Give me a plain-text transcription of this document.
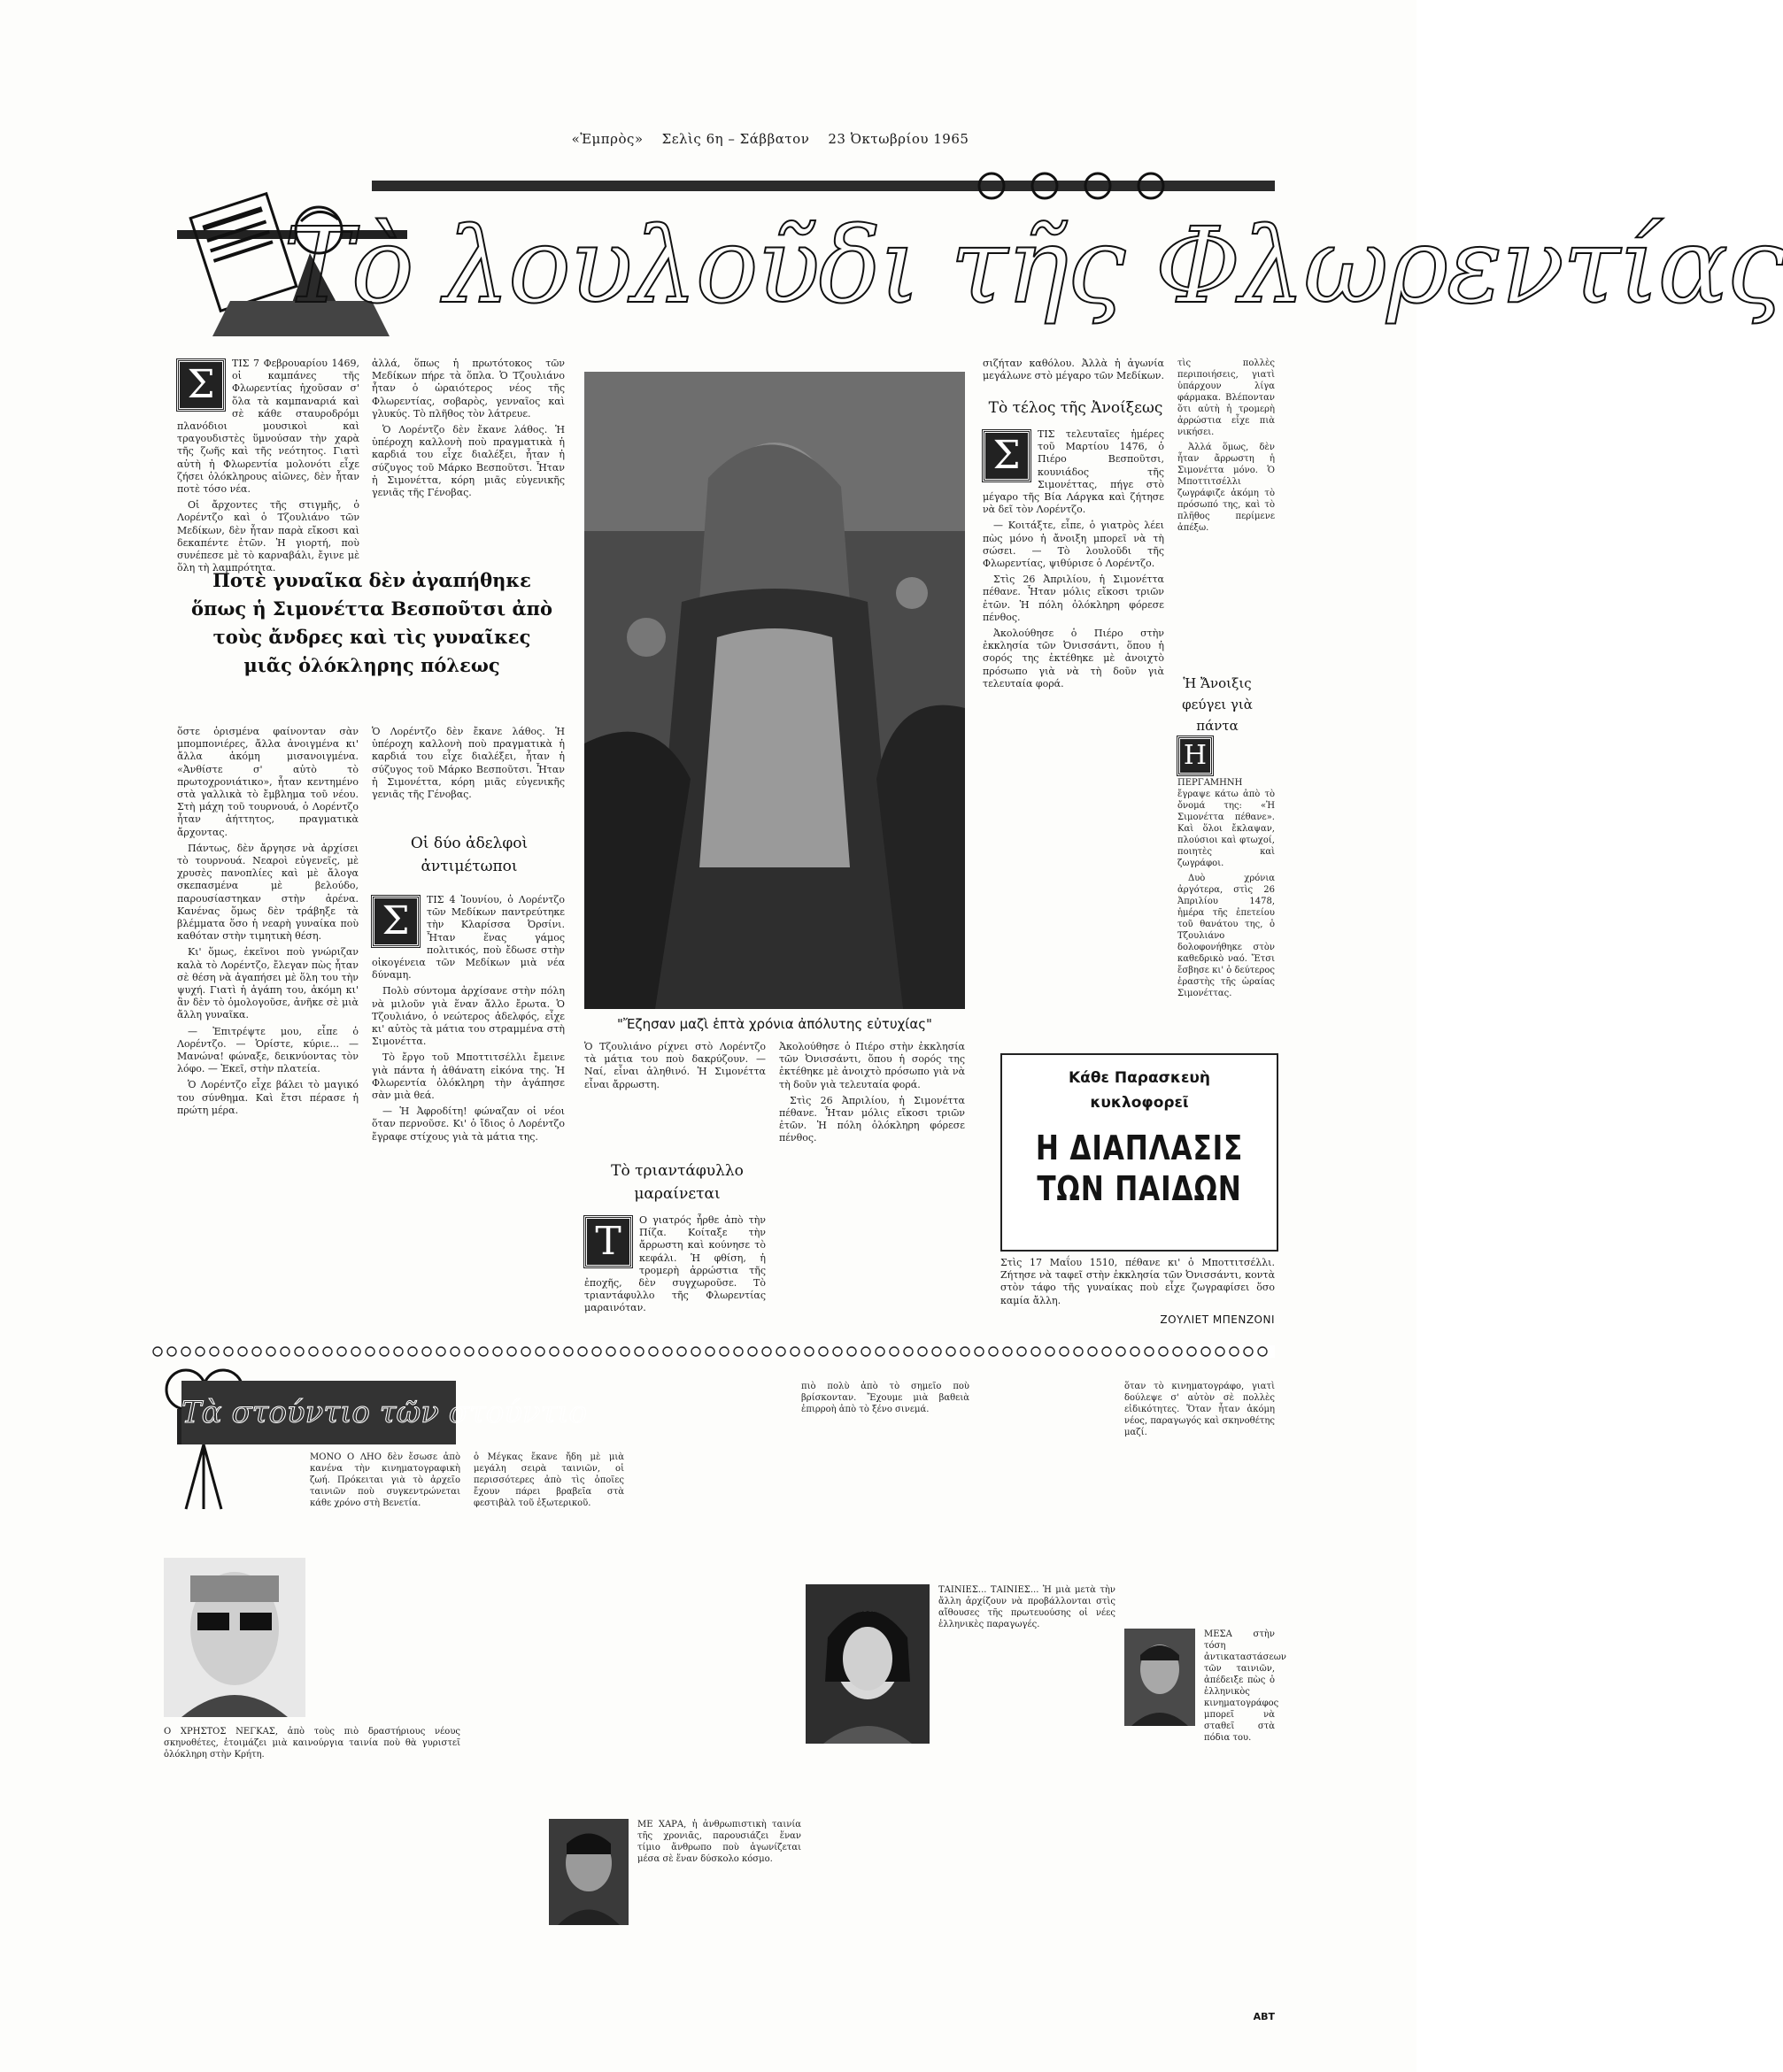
«Ἐμπρὸς» Σελὶς 6η – Σάββατον 23 Ὀκτωβρίου 1965
Τὸ λουλοῦδι τῆς Φλωρεντίας
Σ	ΤΙΣ 7 Φεβρουαρίου 1469, οἱ καμπάνες τῆς Φλωρεντίας ἠχοῦσαν σ' ὅλα τὰ καμπαναριά καὶ σὲ κάθε σταυροδρόμι πλανόδιοι μουσικοὶ καὶ τραγουδιστὲς ὕμνούσαν τὴν χαρὰ τῆς ζωῆς καὶ τῆς νεότητος. Γιατὶ αὐτὴ ἡ Φλωρεντία μολονότι εἶχε ζήσει ὁλόκληρους αἰῶνες, δὲν ἦταν ποτὲ τόσο νέα.

Οἱ ἄρχοντες τῆς στιγμῆς, ὁ Λορέντζο καὶ ὁ Τζουλιάνο τῶν Μεδίκων, δὲν ἦταν παρὰ εἴκοσι καὶ δεκαπέντε ἐτῶν. Ἡ γιορτή, ποὺ συνέπεσε μὲ τὸ καρναβάλι, ἔγινε μὲ ὅλη τὴ λαμπρότητα.

Ποτὲ γυναῖκα δὲν ἀγαπήθηκε ὅπως ἡ Σιμονέττα Βεσποῦτσι ἀπὸ τοὺς ἄνδρες καὶ τὶς γυναῖκες μιᾶς ὁλόκληρης πόλεως

ὅστε ὁρισμένα φαίνονταν σὰν μπομπονιέρες, ἄλλα ἀνοιγμένα κι' ἄλλα ἀκόμη μισανοιγμένα. «Ἀνθίστε σ' αὐτὸ τὸ πρωτοχρονιάτικο», ἦταν κεντημένο στὰ γαλλικὰ τὸ ἔμβλημα τοῦ νέου. Στὴ μάχη τοῦ τουρνουά, ὁ Λορέντζο ἦταν ἀήττητος, πραγματικὰ ἄρχοντας.

Πάντως, δὲν ἄργησε νὰ ἀρχίσει τὸ τουρνουά. Νεαροὶ εὐγενεῖς, μὲ χρυσὲς πανοπλίες καὶ μὲ ἄλογα σκεπασμένα μὲ βελούδο, παρουσίαστηκαν στὴν ἀρένα. Κανένας ὅμως δὲν τράβηξε τὰ βλέμματα ὅσο ἡ νεαρὴ γυναίκα ποὺ καθόταν στὴν τιμητικὴ θέση.

Κι' ὅμως, ἐκεῖνοι ποὺ γνώριζαν καλὰ τὸ Λορέντζο, ἔλεγαν πὼς ἦταν σὲ θέση νὰ ἀγαπήσει μὲ ὅλη του τὴν ψυχή. Γιατὶ ἡ ἀγάπη του, ἀκόμη κι' ἂν δὲν τὸ ὁμολογοῦσε, ἀνῆκε σὲ μιὰ ἄλλη γυναῖκα.

— Ἐπιτρέψτε μου, εἶπε ὁ Λορέντζο. — Ὁρίστε, κύριε... — Μανώνα! φώναξε, δεικνύοντας τὸν λόφο. — Ἐκεῖ, στὴν πλατεία.

Ὁ Λορέντζο εἶχε βάλει τὸ μαγικό του σύνθημα. Καὶ ἔτσι πέρασε ἡ πρώτη μέρα.

ἀλλά, ὅπως ἡ πρωτότοκος τῶν Μεδίκων πήρε τὰ ὅπλα. Ὁ Τζουλιάνο ἦταν ὁ ὡραιότερος νέος τῆς Φλωρεντίας, σοβαρὸς, γενναῖος καὶ γλυκύς. Τὸ πλῆθος τὸν λάτρευε.

Ὁ Λορέντζο δὲν ἔκανε λάθος. Ἡ ὑπέροχη καλλονὴ ποὺ πραγματικὰ ἡ καρδιά του εἶχε διαλέξει, ἦταν ἡ σύζυγος τοῦ Μάρκο Βεσποῦτσι. Ἦταν ἡ Σιμονέττα, κόρη μιᾶς εὐγενικῆς γενιᾶς τῆς Γένοβας.

Ὁ Λορέντζο δὲν ἔκανε λάθος. Ἡ ὑπέροχη καλλονὴ ποὺ πραγματικὰ ἡ καρδιά του εἶχε διαλέξει, ἦταν ἡ σύζυγος τοῦ Μάρκο Βεσποῦτσι. Ἦταν ἡ Σιμονέττα, κόρη μιᾶς εὐγενικῆς γενιᾶς τῆς Γένοβας.

Οἱ δύο ἀδελφοὶ ἀντιμέτωποι
Σ	ΤΙΣ 4 Ἰουνίου, ὁ Λορέντζο τῶν Μεδίκων παντρεύτηκε τὴν Κλαρίσσα Ὀρσίνι. Ἦταν ἕνας γάμος πολιτικός, ποὺ ἔδωσε στὴν οἰκογένεια τῶν Μεδίκων μιὰ νέα δύναμη.

Πολὺ σύντομα ἀρχίσανε στὴν πόλη νὰ μιλοῦν γιὰ ἕναν ἄλλο ἔρωτα. Ὁ Τζουλιάνο, ὁ νεώτερος ἀδελφός, εἶχε κι' αὐτὸς τὰ μάτια του στραμμένα στὴ Σιμονέττα.

Τὸ ἔργο τοῦ Μποττιτσέλλι ἔμεινε γιὰ πάντα ἡ ἀθάνατη εἰκόνα της. Ἡ Φλωρεντία ὁλόκληρη τὴν ἀγάπησε σὰν μιὰ θεά.

— Ἡ Ἀφροδίτη! φώναζαν οἱ νέοι ὅταν περνοῦσε. Κι' ὁ ἴδιος ὁ Λορέντζο ἔγραφε στίχους γιὰ τὰ μάτια της.

"Ἔζησαν μαζὶ ἑπτὰ χρόνια ἀπόλυτης εὐτυχίας"

Ὁ Τζουλιάνο ρίχνει στὸ Λορέντζο τὰ μάτια του ποὺ δακρύζουν. — Ναί, εἶναι ἀληθινό. Ἡ Σιμονέττα εἶναι ἄρρωστη.

Τὸ τριαντάφυλλο μαραίνεται
Τ	Ο γιατρός ἦρθε ἀπὸ τὴν Πίζα. Κοίταξε τὴν ἄρρωστη καὶ κούνησε τὸ κεφάλι. Ἡ φθίση, ἡ τρομερὴ ἀρρώστια τῆς ἐποχῆς, δὲν συγχωροῦσε. Τὸ τριαντάφυλλο τῆς Φλωρεντίας μαραινόταν.

Ἀκολούθησε ὁ Πιέρο στὴν ἐκκλησία τῶν Ὀνισσάντι, ὅπου ἡ σορός της ἐκτέθηκε μὲ ἀνοιχτὸ πρόσωπο γιὰ νὰ τὴ δοῦν γιὰ τελευταία φορά.

Στὶς 26 Ἀπριλίου, ἡ Σιμονέττα πέθανε. Ἦταν μόλις εἴκοσι τριῶν ἐτῶν. Ἡ πόλη ὁλόκληρη φόρεσε πένθος.

σιζήταν καθόλου. Ἀλλὰ ἡ ἀγωνία μεγάλωνε στὸ μέγαρο τῶν Μεδίκων.

Τὸ τέλος τῆς Ἀνοίξεως
Σ	ΤΙΣ τελευταῖες ἡμέρες τοῦ Μαρτίου 1476, ὁ Πιέρο Βεσποῦτσι, κουνιάδος τῆς Σιμονέττας, πήγε στὸ μέγαρο τῆς Βία Λάργκα καὶ ζήτησε νὰ δεῖ τὸν Λορέντζο.

— Κοιτάξτε, εἶπε, ὁ γιατρὸς λέει πὼς μόνο ἡ ἄνοιξη μπορεῖ νὰ τὴ σώσει. — Τὸ λουλοῦδι τῆς Φλωρεντίας, ψιθύρισε ὁ Λορέντζο.

Στὶς 26 Ἀπριλίου, ἡ Σιμονέττα πέθανε. Ἦταν μόλις εἴκοσι τριῶν ἐτῶν. Ἡ πόλη ὁλόκληρη φόρεσε πένθος.

Ἀκολούθησε ὁ Πιέρο στὴν ἐκκλησία τῶν Ὀνισσάντι, ὅπου ἡ σορός της ἐκτέθηκε μὲ ἀνοιχτὸ πρόσωπο γιὰ νὰ τὴ δοῦν γιὰ τελευταία φορά.

τὶς πολλὲς περιποιήσεις, γιατὶ ὑπάρχουν λίγα φάρμακα. Βλέπονταν ὅτι αὐτὴ ἡ τρομερὴ ἀρρώστια εἶχε πιὰ νικήσει.

Ἀλλά ὅμως, δὲν ἦταν ἄρρωστη ἡ Σιμονέττα μόνο. Ὁ Μποττιτσέλλι ζωγράφιζε ἀκόμη τὸ πρόσωπό της, καὶ τὸ πλῆθος περίμενε ἀπέξω.

Ἡ Ἄνοιξις φεύγει γιὰ πάντα
Η

ΠΕΡΓΑΜΗΝΗ ἔγραψε κάτω ἀπὸ τὸ ὄνομά της: «Ἡ Σιμονέττα πέθανε». Καὶ ὅλοι ἔκλαψαν, πλούσιοι καὶ φτωχοί, ποιητὲς καὶ ζωγράφοι.

Δυὸ χρόνια ἀργότερα, στὶς 26 Ἀπριλίου 1478, ἡμέρα τῆς ἐπετείου τοῦ θανάτου της, ὁ Τζουλιάνο δολοφονήθηκε στὸν καθεδρικὸ ναό. Ἔτσι ἔσβησε κι' ὁ δεύτερος ἐραστὴς τῆς ὡραίας Σιμονέττας.

Κάθε Παρασκευὴ
κυκλοφορεῖ
Η ΔΙΑΠΛΑΣΙΣ
ΤΩΝ ΠΑΙΔΩΝ

Στὶς 17 Μαΐου 1510, πέθανε κι' ὁ Μποττιτσέλλι. Ζήτησε νὰ ταφεῖ στὴν ἐκκλησία τῶν Ὀνισσάντι, κοντὰ στὸν τάφο τῆς γυναίκας ποὺ εἶχε ζωγραφίσει ὅσο καμία ἄλλη.

ΖΟΥΛΙΕΤ ΜΠΕΝΖΟΝΙ
Τὰ στούντιο τῶν στούντιο

ΜΟΝΟ Ο ΛΗΟ δὲν ἔσωσε ἀπὸ κανένα τὴν κινηματογραφικὴ ζωή. Πρόκειται γιὰ τὸ ἀρχεῖο ταινιῶν ποὺ συγκεντρώνεται κάθε χρόνο στὴ Βενετία.

Ο ΧΡΗΣΤΟΣ ΝΕΓΚΑΣ, ἀπὸ τοὺς πιὸ δραστήριους νέους σκηνοθέτες, ἑτοιμάζει μιὰ καινούργια ταινία ποὺ θὰ γυριστεῖ ὁλόκληρη στὴν Κρήτη.

ὁ Μέγκας ἔκανε ἤδη μὲ μιὰ μεγάλη σειρὰ ταινιῶν, οἱ περισσότερες ἀπὸ τὶς ὁποῖες ἔχουν πάρει βραβεῖα στὰ φεστιβὰλ τοῦ ἐξωτερικοῦ.

ΜΕ ΧΑΡΑ, ἡ ἀνθρωπιστικὴ ταινία τῆς χρονιᾶς, παρουσιάζει ἕναν τίμιο ἄνθρωπο ποὺ ἀγωνίζεται μέσα σὲ ἕναν δύσκολο κόσμο.

πιὸ πολὺ ἀπὸ τὸ σημεῖο ποὺ βρίσκονταν. Ἔχουμε μιὰ βαθειὰ ἐπιρροὴ ἀπὸ τὸ ξένο σινεμά.

ΤΑΙΝΙΕΣ... ΤΑΙΝΙΕΣ... Ἡ μιὰ μετὰ τὴν ἄλλη ἀρχίζουν νὰ προβάλλονται στὶς αἴθουσες τῆς πρωτευούσης οἱ νέες ἑλληνικὲς παραγωγές.

ὅταν τὸ κινηματογράφο, γιατὶ δούλεψε σ' αὐτὸν σὲ πολλὲς εἰδικότητες. Ὅταν ἦταν ἀκόμη νέος, παραγωγός καὶ σκηνοθέτης μαζί.

ΜΕΣΑ στὴν τόση ἀντικαταστάσεων τῶν ταινιῶν, ἀπέδειξε πὼς ὁ ἑλληνικὸς κινηματογράφος μπορεῖ νὰ σταθεῖ στὰ πόδια του.

ΑΒΤ
